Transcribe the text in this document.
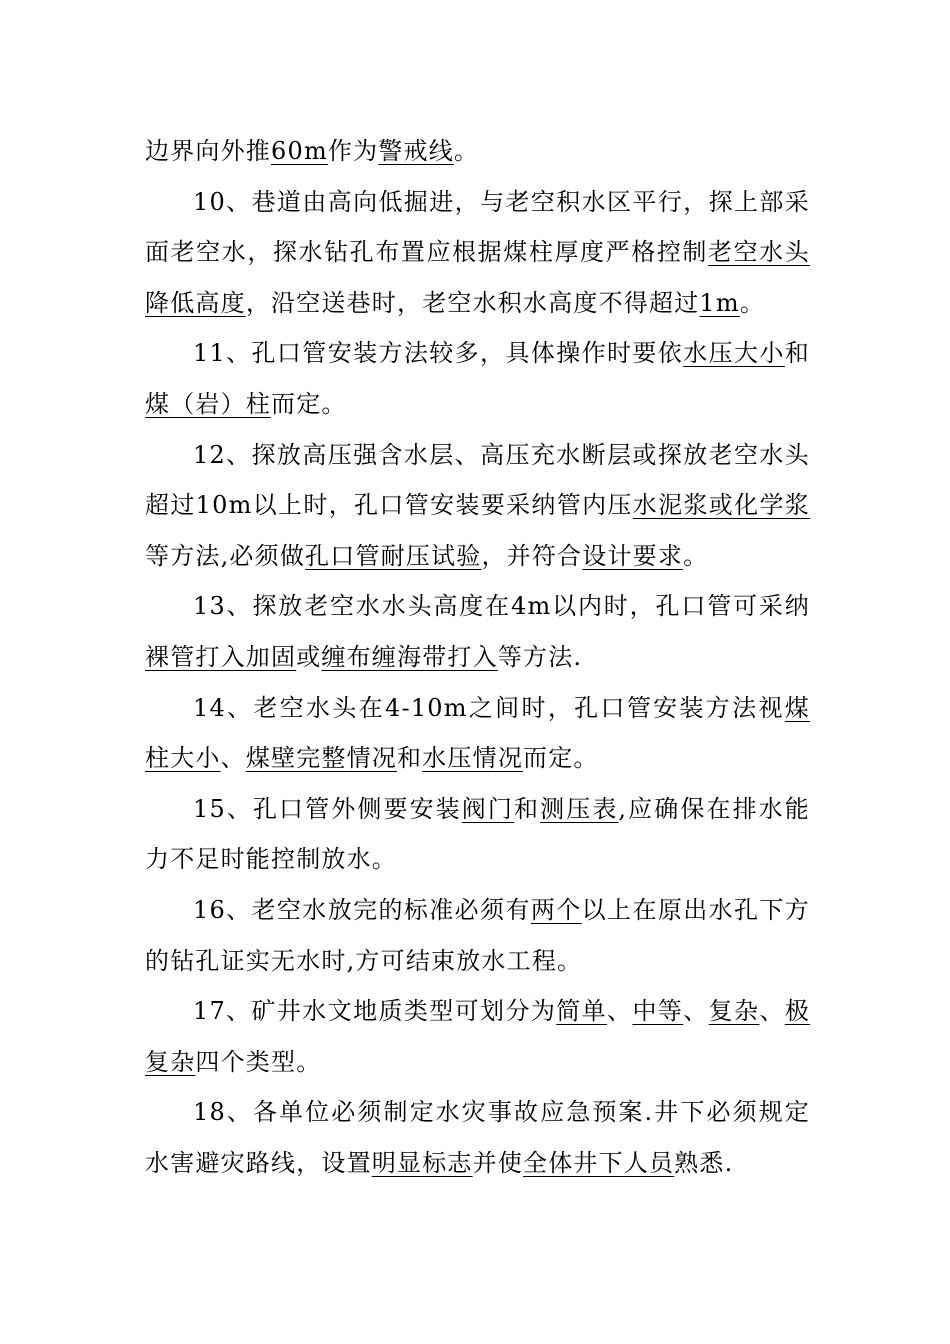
边界向外推60m作为警戒线。

10、巷道由高向低掘进，与老空积水区平行，探上部采面老空水，探水钻孔布置应根据煤柱厚度严格控制老空水头降低高度，沿空送巷时，老空水积水高度不得超过1m。

11、孔口管安装方法较多，具体操作时要依水压大小和煤（岩）柱而定。

12、探放高压强含水层、高压充水断层或探放老空水头超过10m以上时，孔口管安装要采纳管内压水泥浆或化学浆等方法,必须做孔口管耐压试验，并符合设计要求。

13、探放老空水水头高度在4m以内时，孔口管可采纳裸管打入加固或缠布缠海带打入等方法.

14、老空水头在4-10m之间时，孔口管安装方法视煤柱大小、煤壁完整情况和水压情况而定。

15、孔口管外侧要安装阀门和测压表,应确保在排水能力不足时能控制放水。

16、老空水放完的标准必须有两个以上在原出水孔下方的钻孔证实无水时,方可结束放水工程。

17、矿井水文地质类型可划分为简单、中等、复杂、极复杂四个类型。

18、各单位必须制定水灾事故应急预案.井下必须规定水害避灾路线，设置明显标志并使全体井下人员熟悉.
